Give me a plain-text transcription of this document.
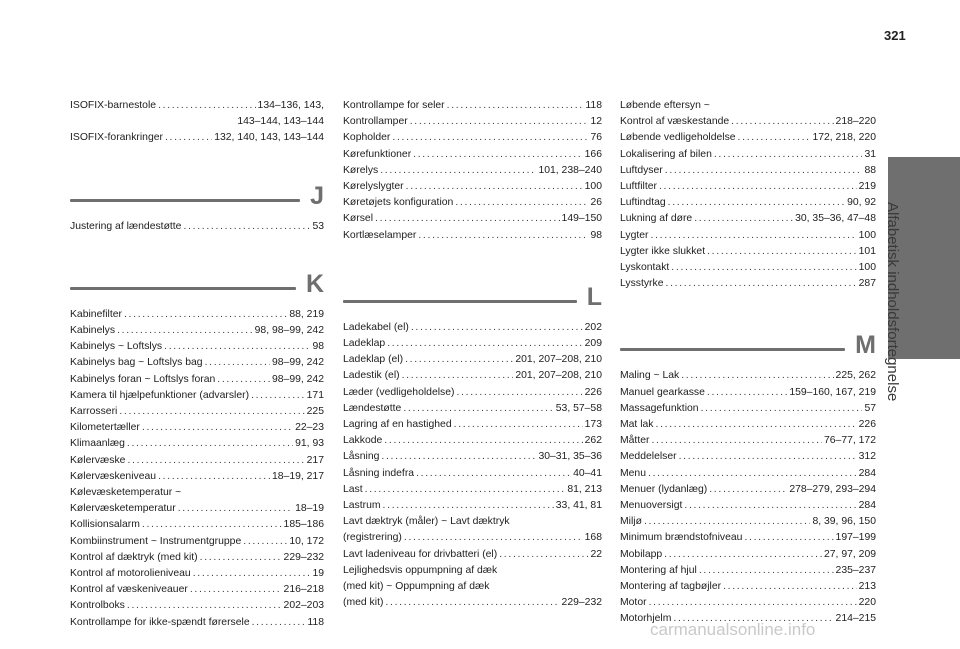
321
Alfabetisk indholdsfortegnelse
ISOFIX-barnestole . . .	134–136, 143,
143–144, 143–144
ISOFIX-forankringer . . .	132, 140, 143, 143–144
J
Justering af lændestøtte . . .	53
K
Kabinefilter . . .	88, 219
Kabinelys . . .	98, 98–99, 242
Kabinelys ~ Loftslys . . .	98
Kabinelys bag ~ Loftslys bag . . .	98–99, 242
Kabinelys foran ~ Loftslys foran . . .	98–99, 242
Kamera til hjælpefunktioner (advarsler) . . .	171
Karrosseri . . .	225
Kilometertæller . . .	22–23
Klimaanlæg . . .	91, 93
Kølervæske . . .	217
Kølervæskeniveau . . .	18–19, 217
Kølevæsketemperatur ~
Kølervæsketemperatur . . .	18–19
Kollisionsalarm . . .	185–186
Kombiinstrument ~ Instrumentgruppe . . .	10, 172
Kontrol af dæktryk (med kit) . . .	229–232
Kontrol af motorolieniveau . . .	19
Kontrol af væskeniveauer . . .	216–218
Kontrolboks . . .	202–203
Kontrollampe for ikke-spændt førersele . . .	118
Kontrollampe for seler . . .	118
Kontrollamper . . .	12
Kopholder . . .	76
Kørefunktioner . . .	166
Kørelys . . .	101, 238–240
Kørelyslygter . . .	100
Køretøjets konfiguration . . .	26
Kørsel . . .	149–150
Kortlæselamper . . .	98
L
Ladekabel (el) . . .	202
Ladeklap . . .	209
Ladeklap (el) . . .	201, 207–208, 210
Ladestik (el) . . .	201, 207–208, 210
Læder (vedligeholdelse) . . .	226
Lændestøtte . . .	53, 57–58
Lagring af en hastighed . . .	173
Lakkode . . .	262
Låsning . . .	30–31, 35–36
Låsning indefra . . .	40–41
Last . . .	81, 213
Lastrum . . .	33, 41, 81
Lavt dæktryk (måler) ~ Lavt dæktryk
(registrering) . . .	168
Lavt ladeniveau for drivbatteri (el) . . .	22
Lejlighedsvis oppumpning af dæk
(med kit) ~ Oppumpning af dæk
(med kit) . . .	229–232
Løbende eftersyn ~
Kontrol af væskestande . . .	218–220
Løbende vedligeholdelse . . .	172, 218, 220
Lokalisering af bilen . . .	31
Luftdyser . . .	88
Luftfilter . . .	219
Luftindtag . . .	90, 92
Lukning af døre . . .	30, 35–36, 47–48
Lygter . . .	100
Lygter ikke slukket . . .	101
Lyskontakt . . .	100
Lysstyrke . . .	287
M
Maling ~ Lak . . .	225, 262
Manuel gearkasse . . .	159–160, 167, 219
Massagefunktion . . .	57
Mat lak . . .	226
Måtter . . .	76–77, 172
Meddelelser . . .	312
Menu . . .	284
Menuer (lydanlæg) . . .	278–279, 293–294
Menuoversigt . . .	284
Miljø . . .	8, 39, 96, 150
Minimum brændstofniveau . . .	197–199
Mobilapp . . .	27, 97, 209
Montering af hjul . . .	235–237
Montering af tagbøjler . . .	213
Motor . . .	220
Motorhjelm . . .	214–215
carmanualsonline.info
